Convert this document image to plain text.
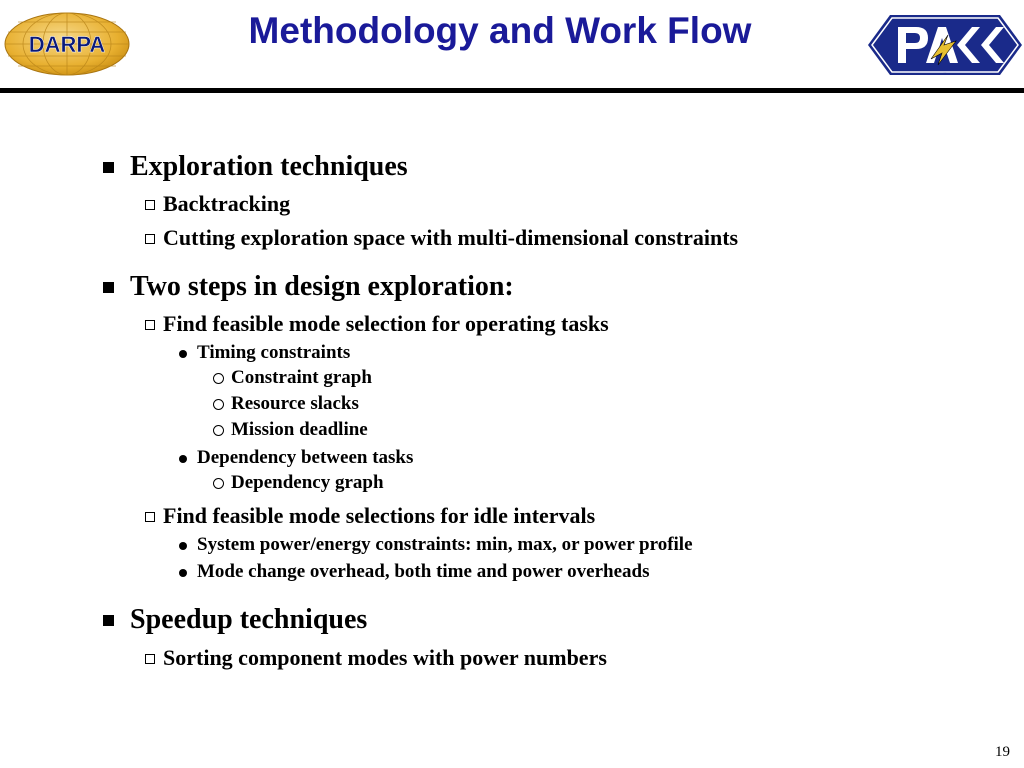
DARPA	Methodology and Work Flow
PACC
Exploration techniques
Backtracking
Cutting exploration space with multi-dimensional constraints
Two steps in design exploration:
Find feasible mode selection for operating tasks
Timing constraints
Constraint graph
Resource slacks
Mission deadline
Dependency between tasks
Dependency graph
Find feasible mode selections for idle intervals
System power/energy constraints: min, max, or power profile
Mode change overhead, both time and power overheads
Speedup techniques
Sorting component modes with power numbers
19
